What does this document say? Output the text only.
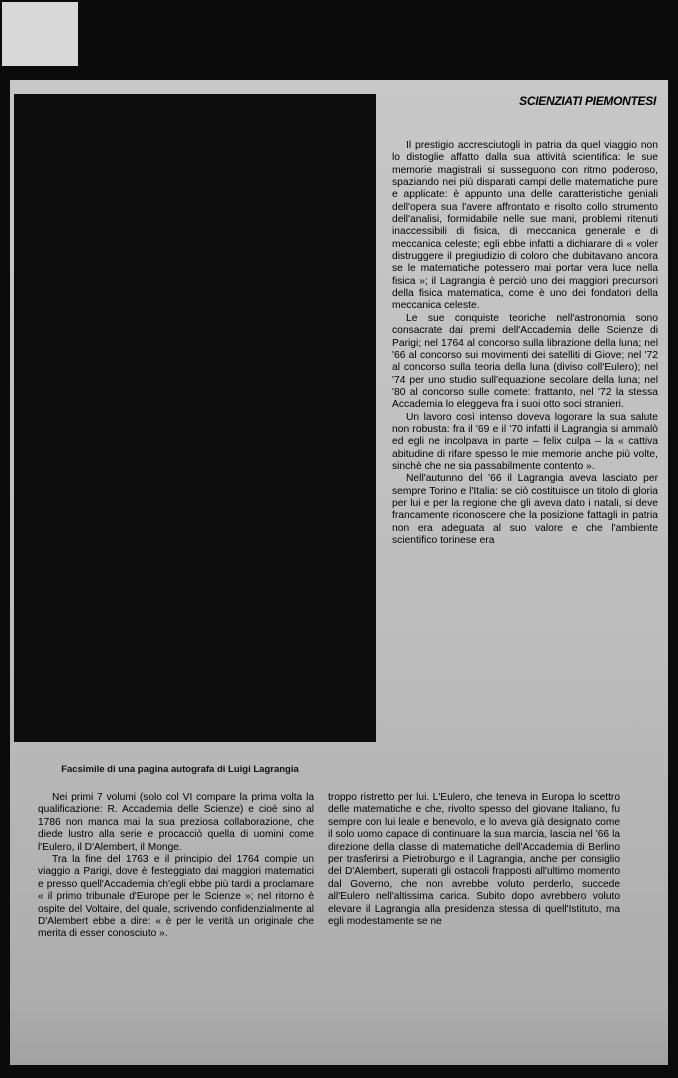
SCIENZIATI PIEMONTESI

Il prestigio accresciutogli in patria da quel viaggio non lo distoglie affatto dalla sua attività scientifica: le sue memorie magistrali si susseguono con ritmo poderoso, spaziando nei più disparati campi delle matematiche pure e applicate: è appunto una delle caratteristiche geniali dell'opera sua l'avere affrontato e risolto collo strumento dell'analisi, formidabile nelle sue mani, problemi ritenuti inaccessibili di fisica, di meccanica generale e di meccanica celeste; egli ebbe infatti a dichiarare di « voler distruggere il pregiudizio di coloro che dubitavano ancora se le matematiche potessero mai portar vera luce nella fisica »; il Lagrangia è perciò uno dei maggiori precursori della fisica matematica, come è uno dei fondatori della meccanica celeste.

Le sue conquiste teoriche nell'astronomia sono consacrate dai premi dell'Accademia delle Scienze di Parigi; nel 1764 al concorso sulla librazione della luna; nel '66 al concorso sui movimenti dei satelliti di Giove; nel '72 al concorso sulla teoria della luna (diviso coll'Eulero); nel '74 per uno studio sull'equazione secolare della luna; nel '80 al concorso sulle comete: frattanto, nel '72 la stessa Accademia lo eleggeva fra i suoi otto soci stranieri.

Un lavoro così intenso doveva logorare la sua salute non robusta: fra il '69 e il '70 infatti il Lagrangia si ammalò ed egli ne incolpava in parte – felix culpa – la « cattiva abitudine di rifare spesso le mie memorie anche più volte, sinchè che ne sia passabilmente contento ».

Nell'autunno del '66 il Lagrangia aveva lasciato per sempre Torino e l'Italia: se ciò costituisce un titolo di gloria per lui e per la regione che gli aveva dato i natali, si deve francamente riconoscere che la posizione fattagli in patria non era adeguata al suo valore e che l'ambiente scientifico torinese era

Facsimile di una pagina autografa di Luigi Lagrangia

Nei primi 7 volumi (solo col VI compare la prima volta la qualificazione: R. Accademia delle Scienze) e cioè sino al 1786 non manca mai la sua preziosa collaborazione, che diede lustro alla serie e procacciò quella di uomini come l'Eulero, il D'Alembert, il Monge.

Tra la fine del 1763 e il principio del 1764 compie un viaggio a Parigi, dove è festeggiato dai maggiori matematici e presso quell'Accademia ch'egli ebbe più tardi a proclamare « il primo tribunale d'Europe per le Scienze »; nel ritorno è ospite del Voltaire, del quale, scrivendo confidenzialmente al D'Alembert ebbe a dire: « è per le verità un originale che merita di esser conosciuto ».

troppo ristretto per lui. L'Eulero, che teneva in Europa lo scettro delle matematiche e che, rivolto spesso del giovane Italiano, fu sempre con lui leale e benevolo, e lo aveva già designato come il solo uomo capace di continuare la sua marcia, lascia nel '66 la direzione della classe di matematiche dell'Accademia di Berlino per trasferirsi a Pietroburgo e il Lagrangia, anche per consiglio del D'Alembert, superati gli ostacoli frapposti all'ultimo momento dal Governo, che non avrebbe voluto perderlo, succede all'Eulero nell'altissima carica. Subito dopo avrebbero voluto elevare il Lagrangia alla presidenza stessa di quell'Istituto, ma egli modestamente se ne
